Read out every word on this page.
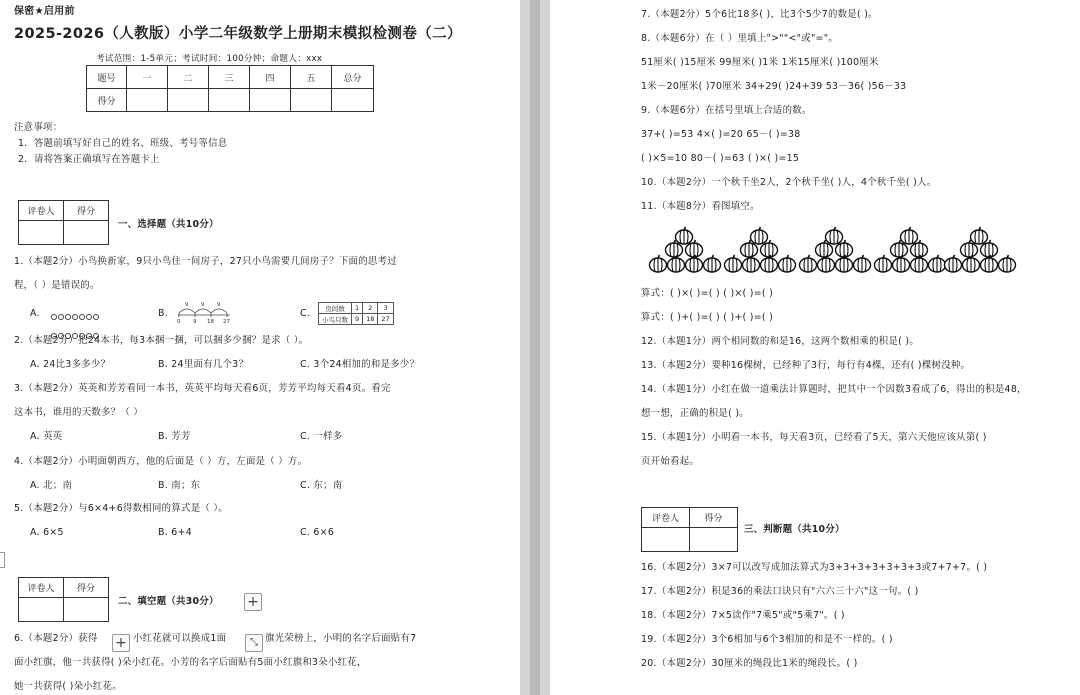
保密★启用前
2025-2026（人教版）小学二年级数学上册期末模拟检测卷（二）
考试范围：1-5单元；考试时间：100分钟；命题人：xxx
题号	一	二	三	四	五	总分
得分						
注意事项：
1．答题前填写好自己的姓名、班级、考号等信息
2．请将答案正确填写在答题卡上
评卷人	得分

一、选择题（共10分）
1.（本题2分）小鸟换新家，9只小鸟住一间房子，27只小鸟需要几间房子？下面的思考过
程，（ ）是错误的。
A.	B.
9	9	9
0 9 18 27
C. 房间数	1	2	3
小鸟只数	9	18	27
2.（本题2分）把24本书，每3本捆一捆，可以捆多少捆？是求（ ）。
A. 24比3多多少？	B. 24里面有几个3？	C. 3个24相加的和是多少？
3.（本题2分）英英和芳芳看同一本书，英英平均每天看6页，芳芳平均每天看4页。看完
这本书，谁用的天数多？（ ）
A. 英英	B. 芳芳	C. 一样多
4.（本题2分）小明面朝西方，他的后面是（ ）方，左面是（ ）方。
A. 北；南	B. 南；东	C. 东；南
5.（本题2分）与6×4+6得数相同的算式是（ ）。
A. 6×5	B. 6+4	C. 6×6
评卷人	得分

二、填空题（共30分） +
6.（本题2分）获得 + 小红花就可以换成1面	⤡ 旗光荣榜上，小明的名字后面贴有7
面小红旗，他一共获得( )朵小红花。小芳的名字后面贴有5面小红旗和3朵小红花，
她一共获得( )朵小红花。
7.（本题2分）5个6比18多( )，比3个5少7的数是( )。
8.（本题6分）在（ ）里填上">""<"或"="。
51厘米( )15厘米 99厘米( )1米 1米15厘米( )100厘米
1米－20厘米( )70厘米 34+29( )24+39 53－36( )56－33
9.（本题6分）在括号里填上合适的数。
37+( )=53 4×( )=20 65－( )=38
( )×5=10 80－( )=63 ( )×( )=15
10.（本题2分）一个秋千坐2人，2个秋千坐( )人，4个秋千坐( )人。
11.（本题8分）看图填空。
算式：( )×( )=( ) ( )×( )=( )
算式：( )+( )=( ) ( )+( )=( )
12.（本题1分）两个相同数的和是16，这两个数相乘的积是( )。
13.（本题2分）要种16棵树，已经种了3行，每行有4棵，还有( )棵树没种。
14.（本题1分）小红在做一道乘法计算题时，把其中一个因数3看成了6，得出的积是48，
想一想，正确的积是( )。
15.（本题1分）小明看一本书，每天看3页，已经看了5天，第六天他应该从第( )
页开始看起。
评卷人	得分

三、判断题（共10分）
16.（本题2分）3×7可以改写成加法算式为3+3+3+3+3+3+3或7+7+7。( )
17.（本题2分）积是36的乘法口诀只有"六六三十六"这一句。( )
18.（本题2分）7×5读作"7乘5"或"5乘7"。( )
19.（本题2分）3个6相加与6个3相加的和是不一样的。( )
20.（本题2分）30厘米的绳段比1米的绳段长。( )
